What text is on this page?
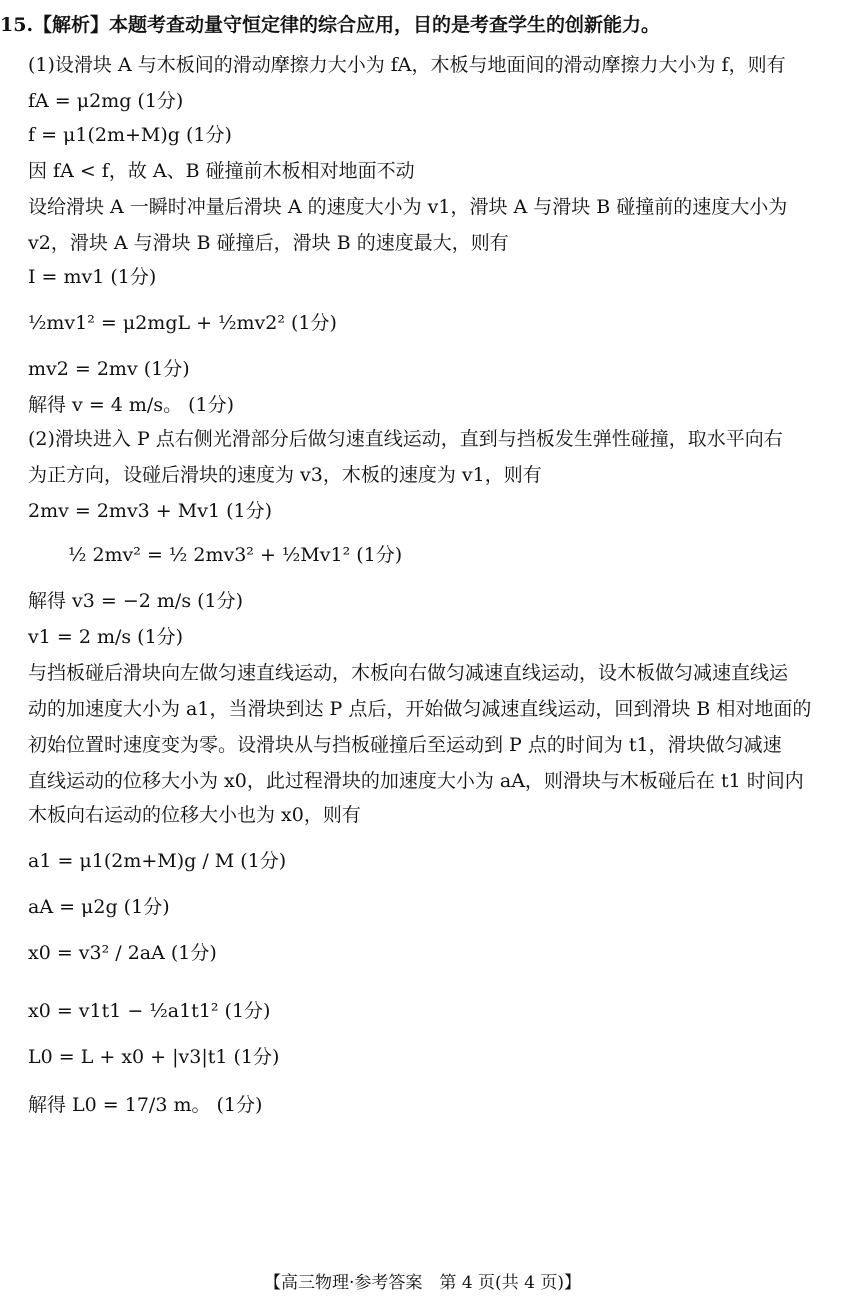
15.【解析】本题考查动量守恒定律的综合应用，目的是考查学生的创新能力。
(1)设滑块 A 与木板间的滑动摩擦力大小为 fA，木板与地面间的滑动摩擦力大小为 f，则有
fA = μ2mg (1分)
f = μ1(2m+M)g (1分)
因 fA < f，故 A、B 碰撞前木板相对地面不动
设给滑块 A 一瞬时冲量后滑块 A 的速度大小为 v1，滑块 A 与滑块 B 碰撞前的速度大小为
v2，滑块 A 与滑块 B 碰撞后，滑块 B 的速度最大，则有
I = mv1 (1分)
½mv1² = μ2mgL + ½mv2² (1分)
mv2 = 2mv (1分)
解得 v = 4 m/s。 (1分)
(2)滑块进入 P 点右侧光滑部分后做匀速直线运动，直到与挡板发生弹性碰撞，取水平向右
为正方向，设碰后滑块的速度为 v3，木板的速度为 v1，则有
2mv = 2mv3 + Mv1 (1分)
½ 2mv² = ½ 2mv3² + ½Mv1² (1分)
解得 v3 = −2 m/s (1分)
v1 = 2 m/s (1分)
与挡板碰后滑块向左做匀速直线运动，木板向右做匀减速直线运动，设木板做匀减速直线运
动的加速度大小为 a1，当滑块到达 P 点后，开始做匀减速直线运动，回到滑块 B 相对地面的
初始位置时速度变为零。设滑块从与挡板碰撞后至运动到 P 点的时间为 t1，滑块做匀减速
直线运动的位移大小为 x0，此过程滑块的加速度大小为 aA，则滑块与木板碰后在 t1 时间内
木板向右运动的位移大小也为 x0，则有
a1 = μ1(2m+M)g / M (1分)
aA = μ2g (1分)
x0 = v3² / 2aA (1分)
x0 = v1t1 − ½a1t1² (1分)
L0 = L + x0 + |v3|t1 (1分)
解得 L0 = 17/3 m。 (1分)
【高三物理·参考答案　第 4 页(共 4 页)】
